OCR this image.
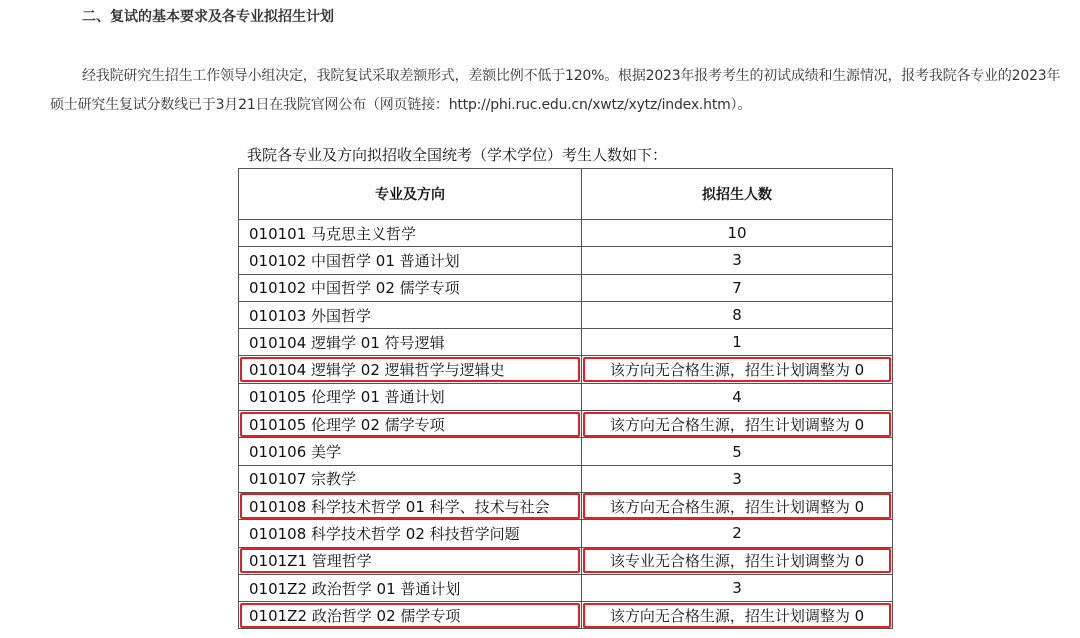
二、复试的基本要求及各专业拟招生计划

经我院研究生招生工作领导小组决定，我院复试采取差额形式，差额比例不低于120%。根据2023年报考考生的初试成绩和生源情况，报考我院各专业的2023年硕士研究生复试分数线已于3月21日在我院官网公布（网页链接：http://phi.ruc.edu.cn/xwtz/xytz/index.htm）。

我院各专业及方向拟招收全国统考（学术学位）考生人数如下：

专业及方向	拟招生人数
010101 马克思主义哲学	10
010102 中国哲学 01 普通计划	3
010102 中国哲学 02 儒学专项	7
010103 外国哲学	8
010104 逻辑学 01 符号逻辑	1
010104 逻辑学 02 逻辑哲学与逻辑史	该方向无合格生源，招生计划调整为 0
010105 伦理学 01 普通计划	4
010105 伦理学 02 儒学专项	该方向无合格生源，招生计划调整为 0
010106 美学	5
010107 宗教学	3
010108 科学技术哲学 01 科学、技术与社会	该方向无合格生源，招生计划调整为 0
010108 科学技术哲学 02 科技哲学问题	2
0101Z1 管理哲学	该专业无合格生源，招生计划调整为 0
0101Z2 政治哲学 01 普通计划	3
0101Z2 政治哲学 02 儒学专项	该方向无合格生源，招生计划调整为 0
